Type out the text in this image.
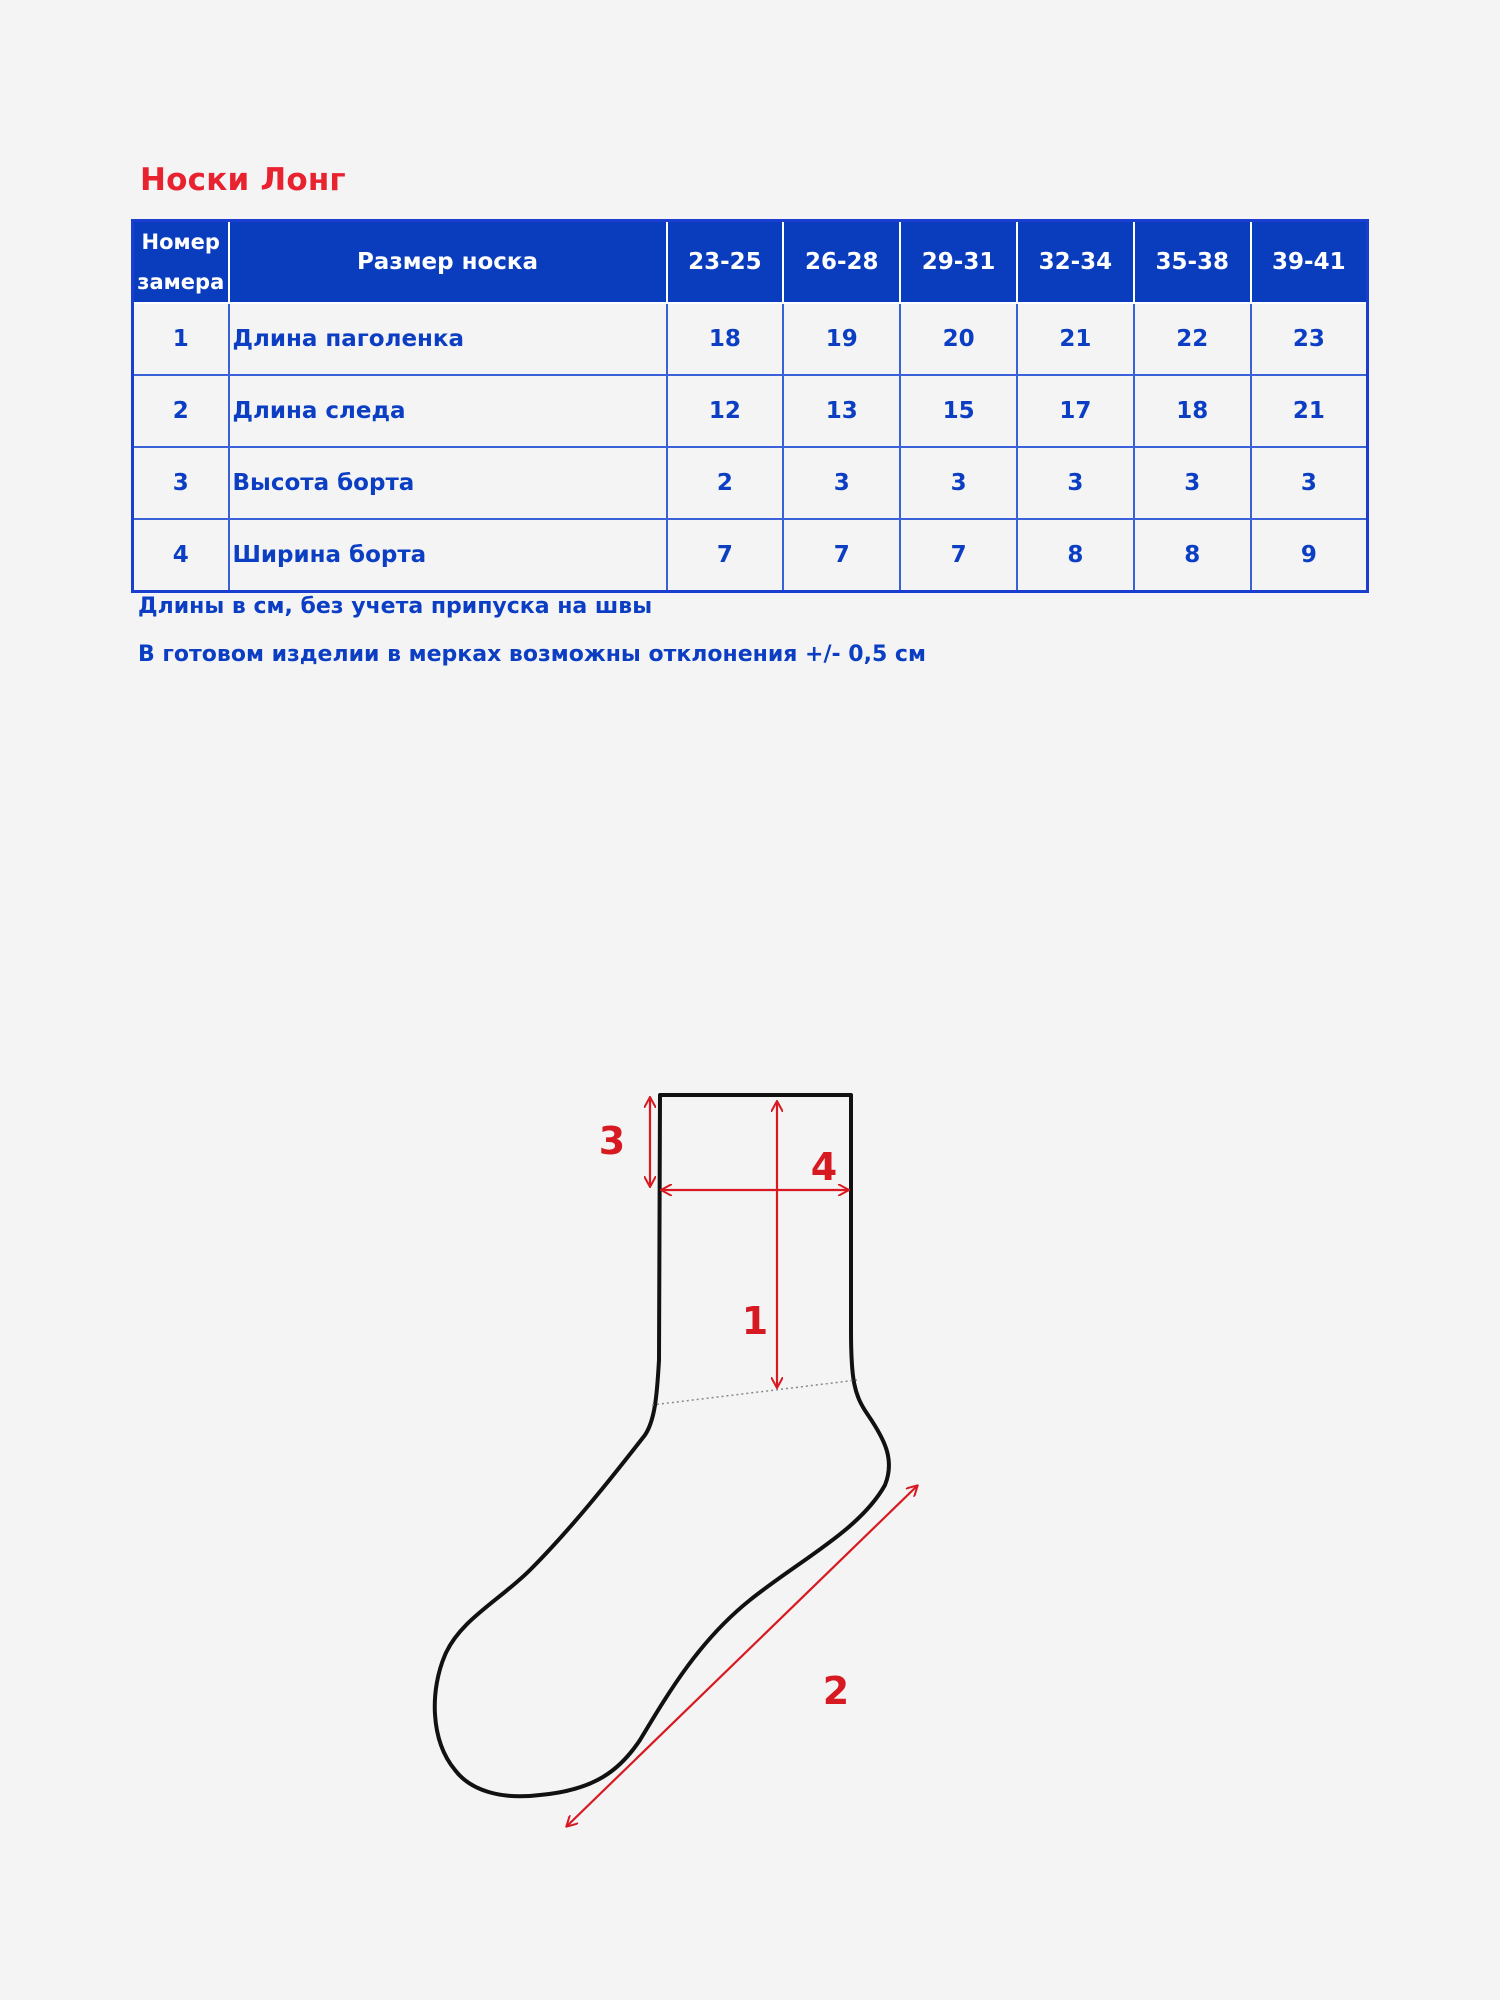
Носки Лонг
Номер
замера	Размер носка	23-25	26-28	29-31	32-34	35-38	39-41
1	Длина паголенка	18	19	20	21	22	23
2	Длина следа	12	13	15	17	18	21
3	Высота борта	2	3	3	3	3	3
4	Ширина борта	7	7	7	8	8	9
Длины в см, без учета припуска на швы
В готовом изделии в мерках возможны отклонения +/- 0,5 см
3
4
1
2
